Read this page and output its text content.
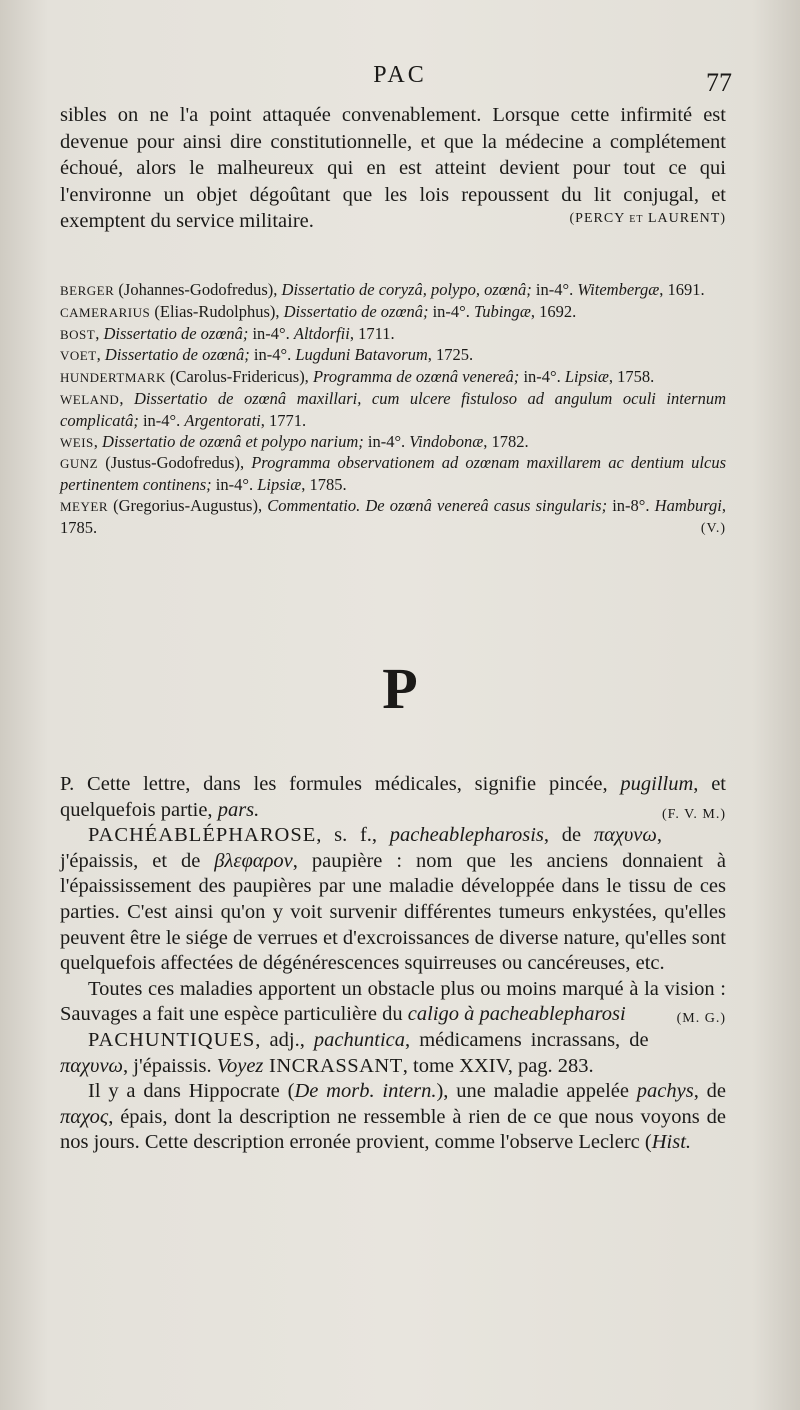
PAC	77

sibles on ne l'a point attaquée convenablement. Lorsque cette infirmité est devenue pour ainsi dire constitutionnelle, et que la médecine a complétement échoué, alors le malheureux qui en est atteint devient pour tout ce qui l'environne un objet dégoûtant que les lois repoussent du lit conjugal, et exemptent du service militaire.	(PERCY et LAURENT)

BERGER (Johannes-Godofredus), Dissertatio de coryzâ, polypo, ozœnâ; in-4°. Witembergæ, 1691.

CAMERARIUS (Elias-Rudolphus), Dissertatio de ozœnâ; in-4°. Tubingæ, 1692.

BOST, Dissertatio de ozœnâ; in-4°. Altdorfii, 1711.

VOET, Dissertatio de ozœnâ; in-4°. Lugduni Batavorum, 1725.

HUNDERTMARK (Carolus-Fridericus), Programma de ozœnâ venereâ; in-4°. Lipsiæ, 1758.

WELAND, Dissertatio de ozœnâ maxillari, cum ulcere fistuloso ad angulum oculi internum complicatâ; in-4°. Argentorati, 1771.

WEIS, Dissertatio de ozœnâ et polypo narium; in-4°. Vindobonæ, 1782.

GUNZ (Justus-Godofredus), Programma observationem ad ozœnam maxillarem ac dentium ulcus pertinentem continens; in-4°. Lipsiæ, 1785.

MEYER (Gregorius-Augustus), Commentatio. De ozœnâ venereâ casus singularis; in-8°. Hamburgi, 1785.	(V.)
P

P. Cette lettre, dans les formules médicales, signifie pincée, pugillum, et quelquefois partie, pars.	(F. V. M.)

PACHÉABLÉPHAROSE, s. f., pacheablepharosis, de παχυνω, j'épaissis, et de βλεφαρον, paupière : nom que les anciens donnaient à l'épaississement des paupières par une maladie développée dans le tissu de ces parties. C'est ainsi qu'on y voit survenir différentes tumeurs enkystées, qu'elles peuvent être le siége de verrues et d'excroissances de diverse nature, qu'elles sont quelquefois affectées de dégénérescences squirreuses ou cancéreuses, etc.

Toutes ces maladies apportent un obstacle plus ou moins marqué à la vision : Sauvages a fait une espèce particulière du caligo à pacheablepharosi	(M. G.)

PACHUNTIQUES, adj., pachuntica, médicamens incrassans, de παχυνω, j'épaissis. Voyez INCRASSANT, tome XXIV, pag. 283.

Il y a dans Hippocrate (De morb. intern.), une maladie appelée pachys, de παχος, épais, dont la description ne ressemble à rien de ce que nous voyons de nos jours. Cette description erronée provient, comme l'observe Leclerc (Hist.
